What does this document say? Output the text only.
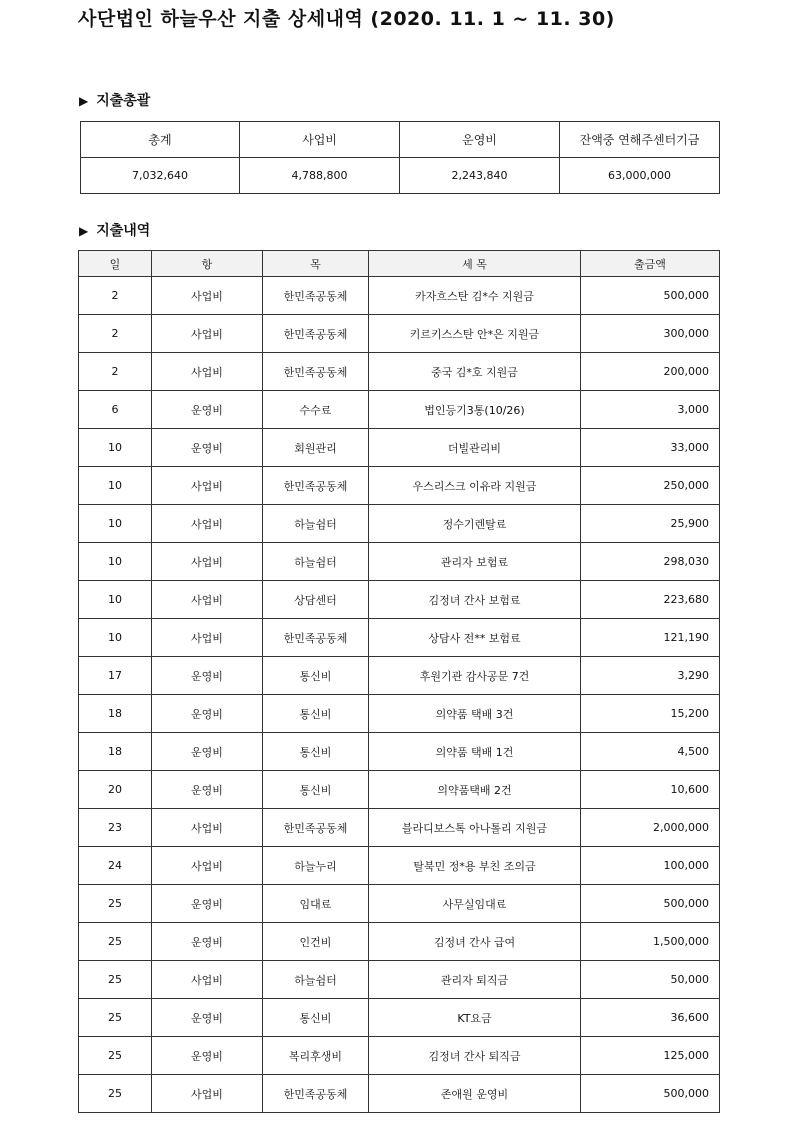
사단법인 하늘우산 지출 상세내역 (2020. 11. 1 ~ 11. 30)
▶ 지출총괄
총계	사업비	운영비	잔액중 연해주센터기금
7,032,640	4,788,800	2,243,840	63,000,000
▶ 지출내역
일	항	목	세 목	출금액
2	사업비	한민족공동체	카자흐스탄 김*수 지원금	500,000
2	사업비	한민족공동체	키르키스스탄 안*은 지원금	300,000
2	사업비	한민족공동체	중국 김*호 지원금	200,000
6	운영비	수수료	법인등기3통(10/26)	3,000
10	운영비	회원관리	더빌관리비	33,000
10	사업비	한민족공동체	우스리스크 이유라 지원금	250,000
10	사업비	하늘쉼터	정수기렌탈료	25,900
10	사업비	하늘쉼터	관리자 보험료	298,030
10	사업비	상담센터	김정녀 간사 보험료	223,680
10	사업비	한민족공동체	상담사 전** 보험료	121,190
17	운영비	통신비	후원기관 감사공문 7건	3,290
18	운영비	통신비	의약품 택배 3건	15,200
18	운영비	통신비	의약품 택배 1건	4,500
20	운영비	통신비	의약품택배 2건	10,600
23	사업비	한민족공동체	블라디보스톡 아나톨리 지원금	2,000,000
24	사업비	하늘누리	탈북민 정*용 부친 조의금	100,000
25	운영비	임대료	사무실임대료	500,000
25	운영비	인건비	김정녀 간사 급여	1,500,000
25	사업비	하늘쉼터	관리자 퇴직금	50,000
25	운영비	통신비	KT요금	36,600
25	운영비	복리후생비	김정녀 간사 퇴직금	125,000
25	사업비	한민족공동체	존애원 운영비	500,000
